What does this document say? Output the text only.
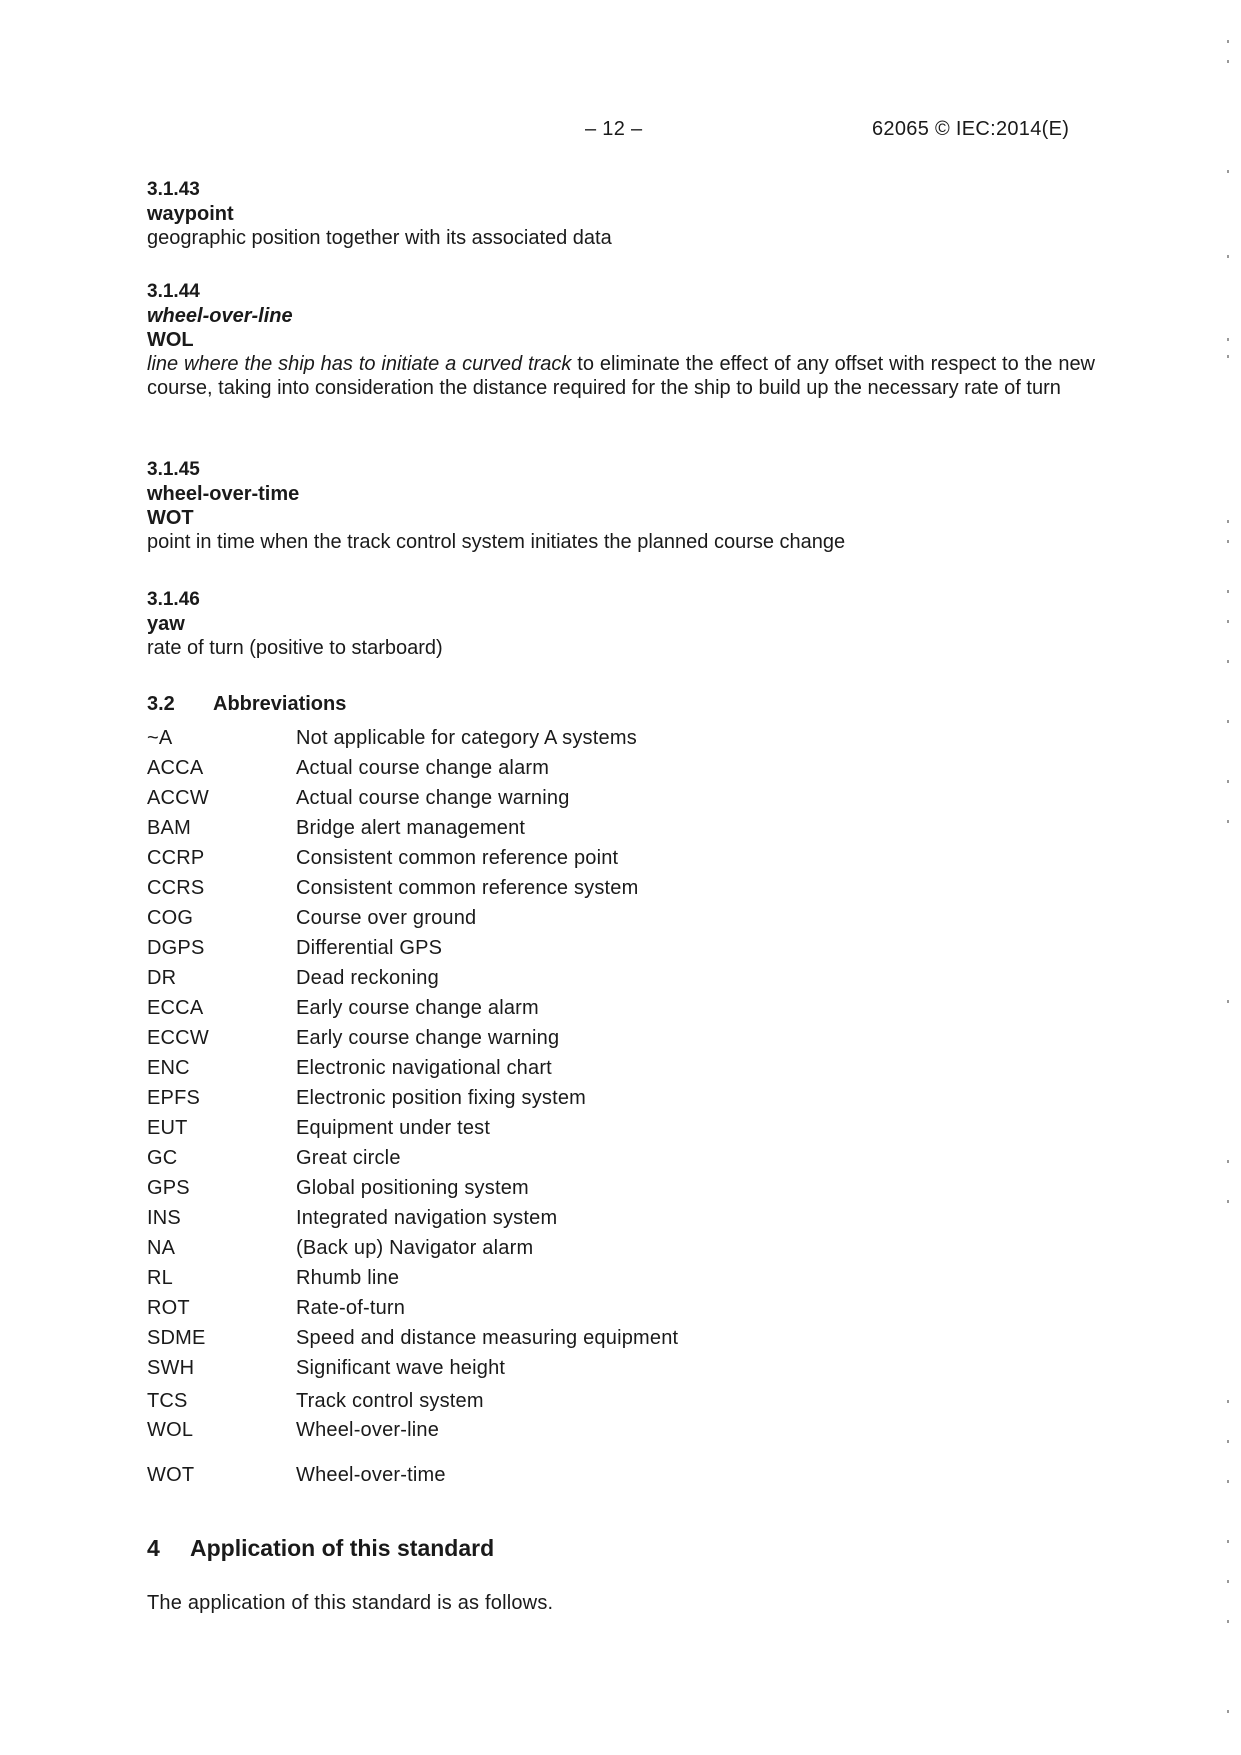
– 12 –	62065 © IEC:2014(E)
3.1.43
waypoint
geographic position together with its associated data
3.1.44
wheel-over-line
WOL
line where the ship has to initiate a curved track to eliminate the effect of any offset with respect to the new course, taking into consideration the distance required for the ship to build up the necessary rate of turn
3.1.45
wheel-over-time
WOT
point in time when the track control system initiates the planned course change
3.1.46
yaw
rate of turn (positive to starboard)
3.2 Abbreviations
~A	Not applicable for category A systems
ACCA	Actual course change alarm
ACCW	Actual course change warning
BAM	Bridge alert management
CCRP	Consistent common reference point
CCRS	Consistent common reference system
COG	Course over ground
DGPS	Differential GPS
DR	Dead reckoning
ECCA	Early course change alarm
ECCW	Early course change warning
ENC	Electronic navigational chart
EPFS	Electronic position fixing system
EUT	Equipment under test
GC	Great circle
GPS	Global positioning system
INS	Integrated navigation system
NA	(Back up) Navigator alarm
RL	Rhumb line
ROT	Rate-of-turn
SDME	Speed and distance measuring equipment
SWH	Significant wave height
TCS	Track control system
WOL	Wheel-over-line
WOT	Wheel-over-time
4 Application of this standard
The application of this standard is as follows.
